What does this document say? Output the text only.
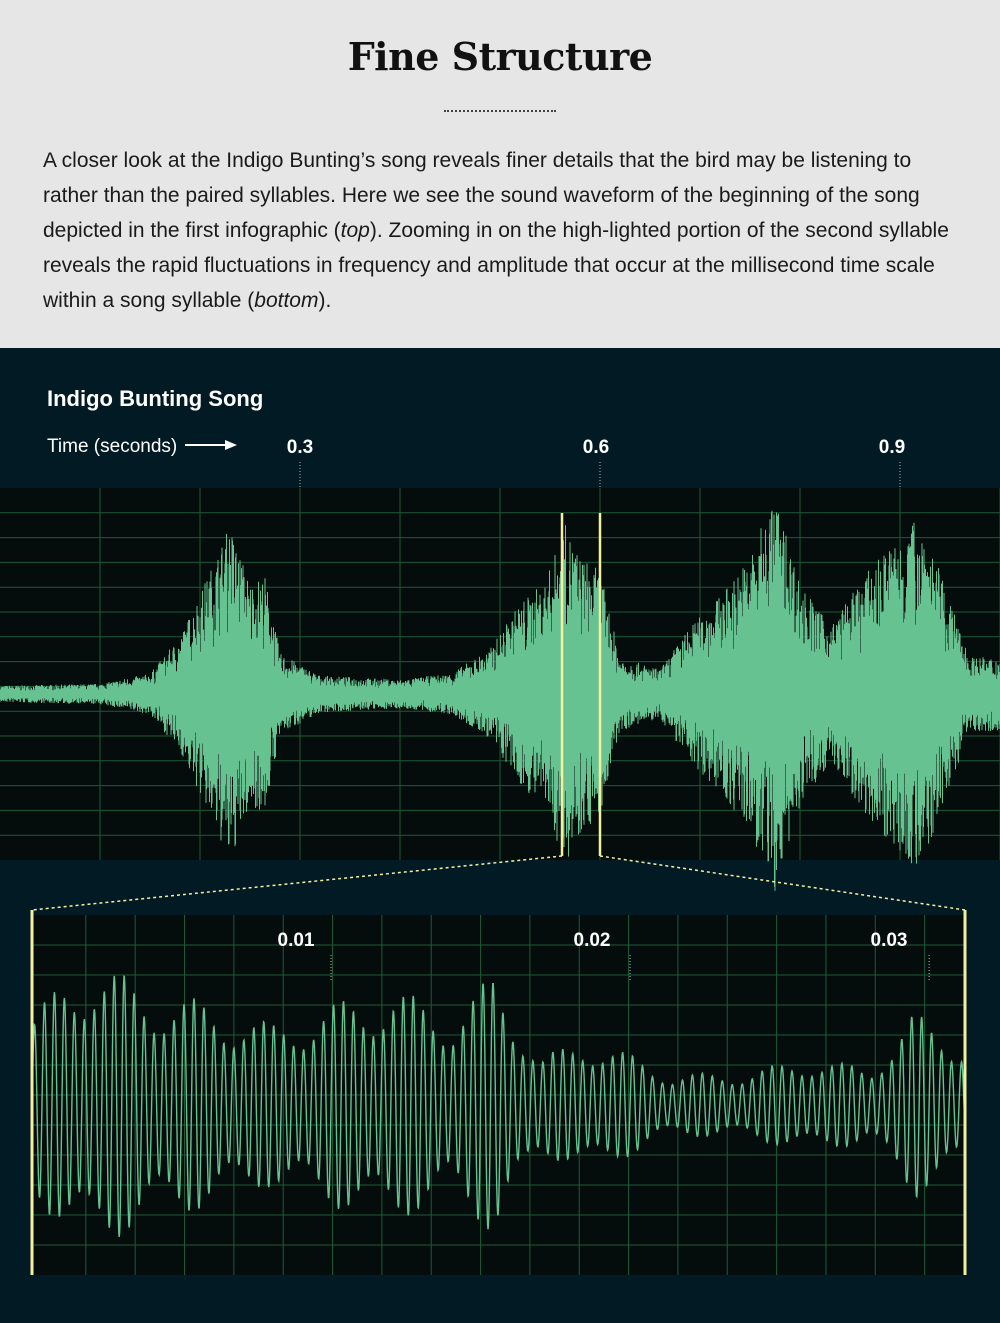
Fine Structure

A closer look at the Indigo Bunting’s song reveals finer details that the bird may be listening to rather than the paired syllables. Here we see the sound waveform of the beginning of the song depicted in the first infographic (top). Zooming in on the high-lighted portion of the second syllable reveals the rapid fluctuations in frequency and amplitude that occur at the millisecond time scale within a song syllable (bottom).

Indigo Bunting Song
Time (seconds)	0.3	0.6	0.9
0.01	0.02	0.03
